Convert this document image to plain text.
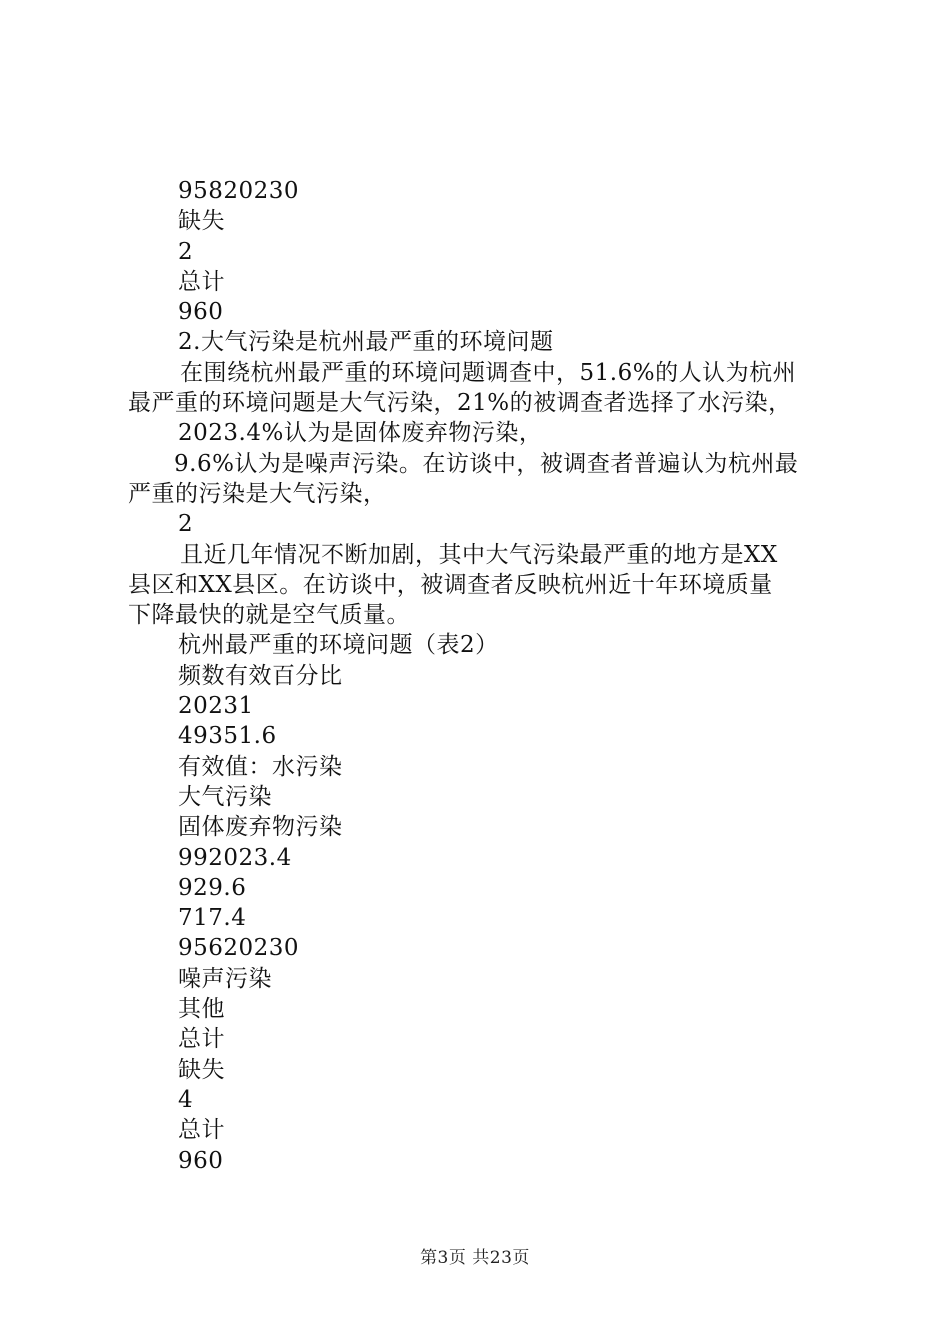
95820230
缺失
2
总计
960
2.大气污染是杭州最严重的环境问题
在围绕杭州最严重的环境问题调查中，51.6%的人认为杭州
最严重的环境问题是大气污染，21%的被调查者选择了水污染，
2023.4%认为是固体废弃物污染，
9.6%认为是噪声污染。在访谈中，被调查者普遍认为杭州最
严重的污染是大气污染，
2
且近几年情况不断加剧，其中大气污染最严重的地方是XX
县区和XX县区。在访谈中，被调查者反映杭州近十年环境质量
下降最快的就是空气质量。
杭州最严重的环境问题（表2）
频数有效百分比
20231
49351.6
有效值：水污染
大气污染
固体废弃物污染
992023.4
929.6
717.4
95620230
噪声污染
其他
总计
缺失
4
总计
960
第3页 共23页
